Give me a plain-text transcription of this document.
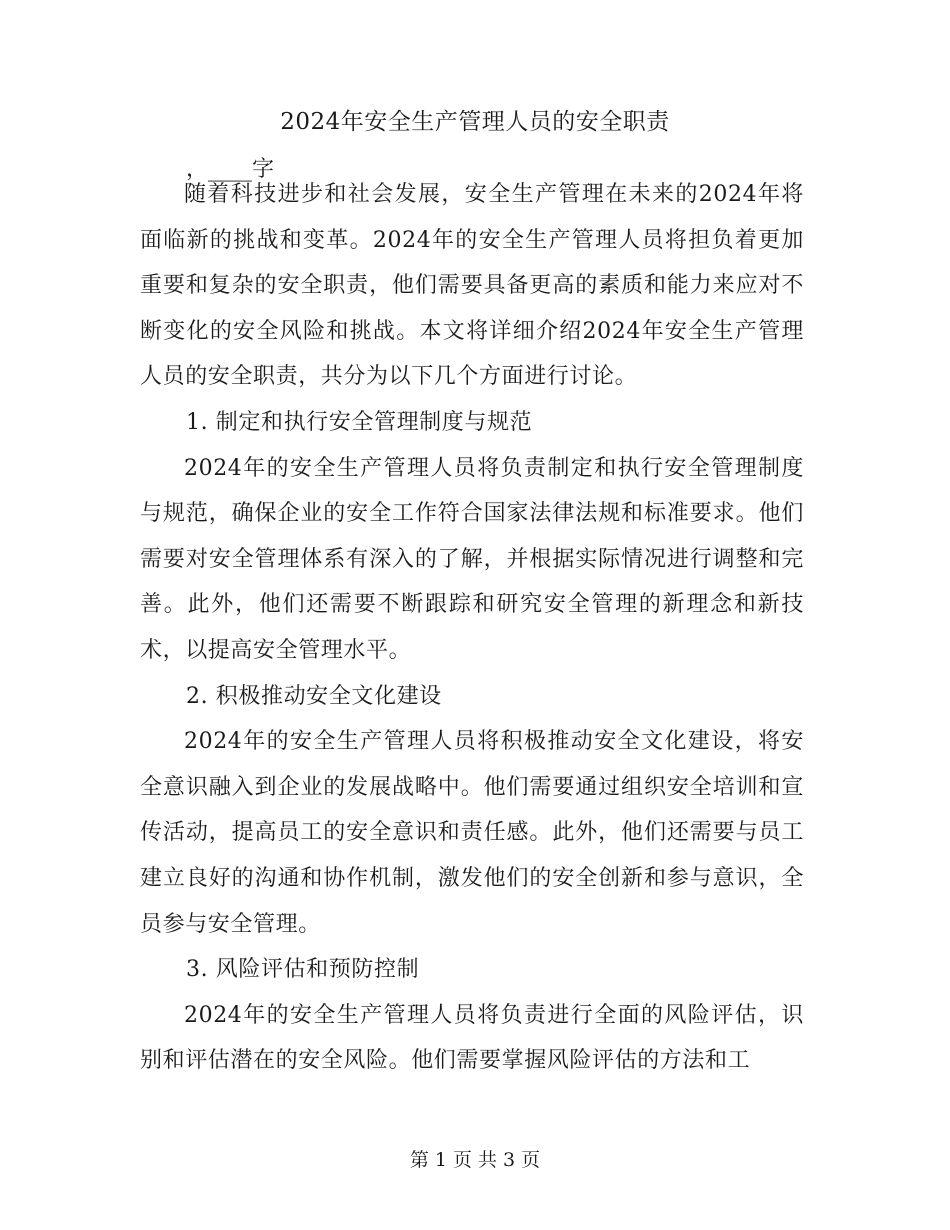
2024年安全生产管理人员的安全职责
，____字

随着科技进步和社会发展，安全生产管理在未来的2024年将面临新的挑战和变革。2024年的安全生产管理人员将担负着更加重要和复杂的安全职责，他们需要具备更高的素质和能力来应对不断变化的安全风险和挑战。本文将详细介绍2024年安全生产管理人员的安全职责，共分为以下几个方面进行讨论。

1. 制定和执行安全管理制度与规范

2024年的安全生产管理人员将负责制定和执行安全管理制度与规范，确保企业的安全工作符合国家法律法规和标准要求。他们需要对安全管理体系有深入的了解，并根据实际情况进行调整和完善。此外，他们还需要不断跟踪和研究安全管理的新理念和新技术，以提高安全管理水平。

2. 积极推动安全文化建设

2024年的安全生产管理人员将积极推动安全文化建设，将安全意识融入到企业的发展战略中。他们需要通过组织安全培训和宣传活动，提高员工的安全意识和责任感。此外，他们还需要与员工建立良好的沟通和协作机制，激发他们的安全创新和参与意识，全员参与安全管理。

3. 风险评估和预防控制

2024年的安全生产管理人员将负责进行全面的风险评估，识别和评估潜在的安全风险。他们需要掌握风险评估的方法和工

第 1 页 共 3 页
